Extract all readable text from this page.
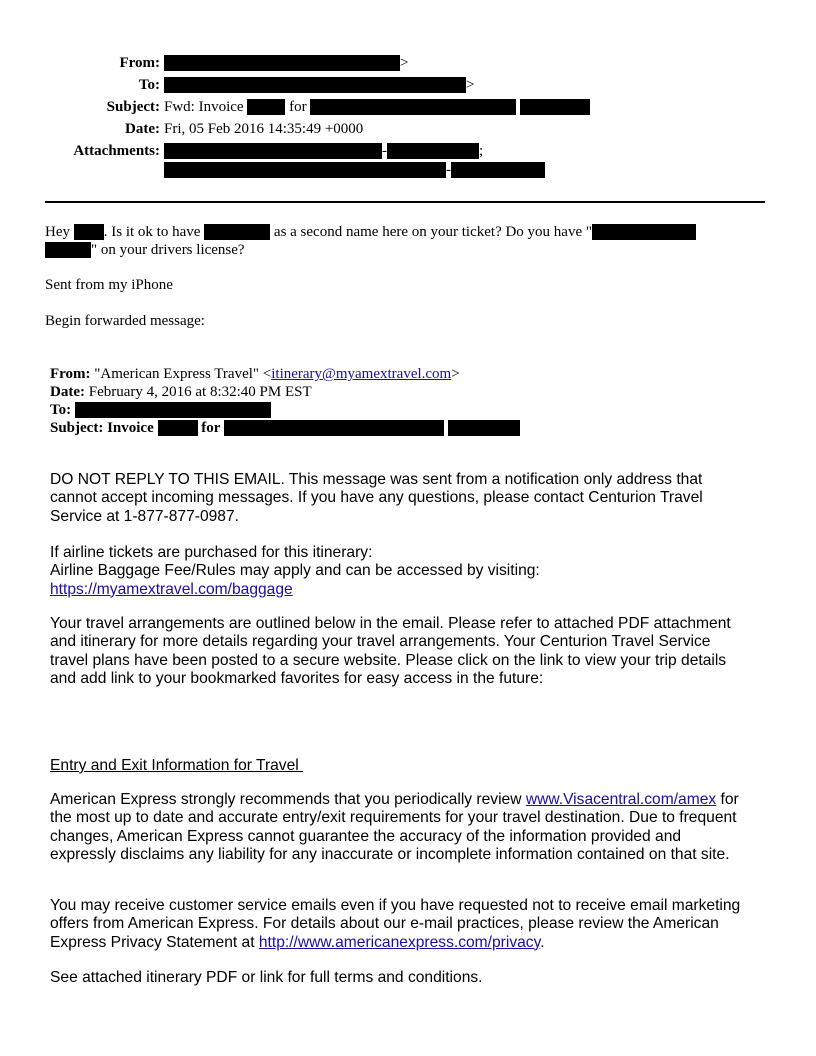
From:	>
To:	>
Subject: Fwd: Invoice	for
Date: Fri, 05 Feb 2016 14:35:49 +0000
Attachments:	-	;
-
Hey . Is it ok to have	as a second name here on your ticket? Do you have "
" on your drivers license?
Sent from my iPhone
Begin forwarded message:
From: "American Express Travel" <itinerary@myamextravel.com>
Date: February 4, 2016 at 8:32:40 PM EST
To:
Subject: Invoice	for
DO NOT REPLY TO THIS EMAIL. This message was sent from a notification only address that
cannot accept incoming messages. If you have any questions, please contact Centurion Travel
Service at 1-877-877-0987.
If airline tickets are purchased for this itinerary:
Airline Baggage Fee/Rules may apply and can be accessed by visiting:
https://myamextravel.com/baggage
Your travel arrangements are outlined below in the email. Please refer to attached PDF attachment
and itinerary for more details regarding your travel arrangements. Your Centurion Travel Service
travel plans have been posted to a secure website. Please click on the link to view your trip details
and add link to your bookmarked favorites for easy access in the future:
Entry and Exit Information for Travel
American Express strongly recommends that you periodically review www.Visacentral.com/amex for
the most up to date and accurate entry/exit requirements for your travel destination. Due to frequent
changes, American Express cannot guarantee the accuracy of the information provided and
expressly disclaims any liability for any inaccurate or incomplete information contained on that site.
You may receive customer service emails even if you have requested not to receive email marketing
offers from American Express. For details about our e-mail practices, please review the American
Express Privacy Statement at http://www.americanexpress.com/privacy.
See attached itinerary PDF or link for full terms and conditions.
